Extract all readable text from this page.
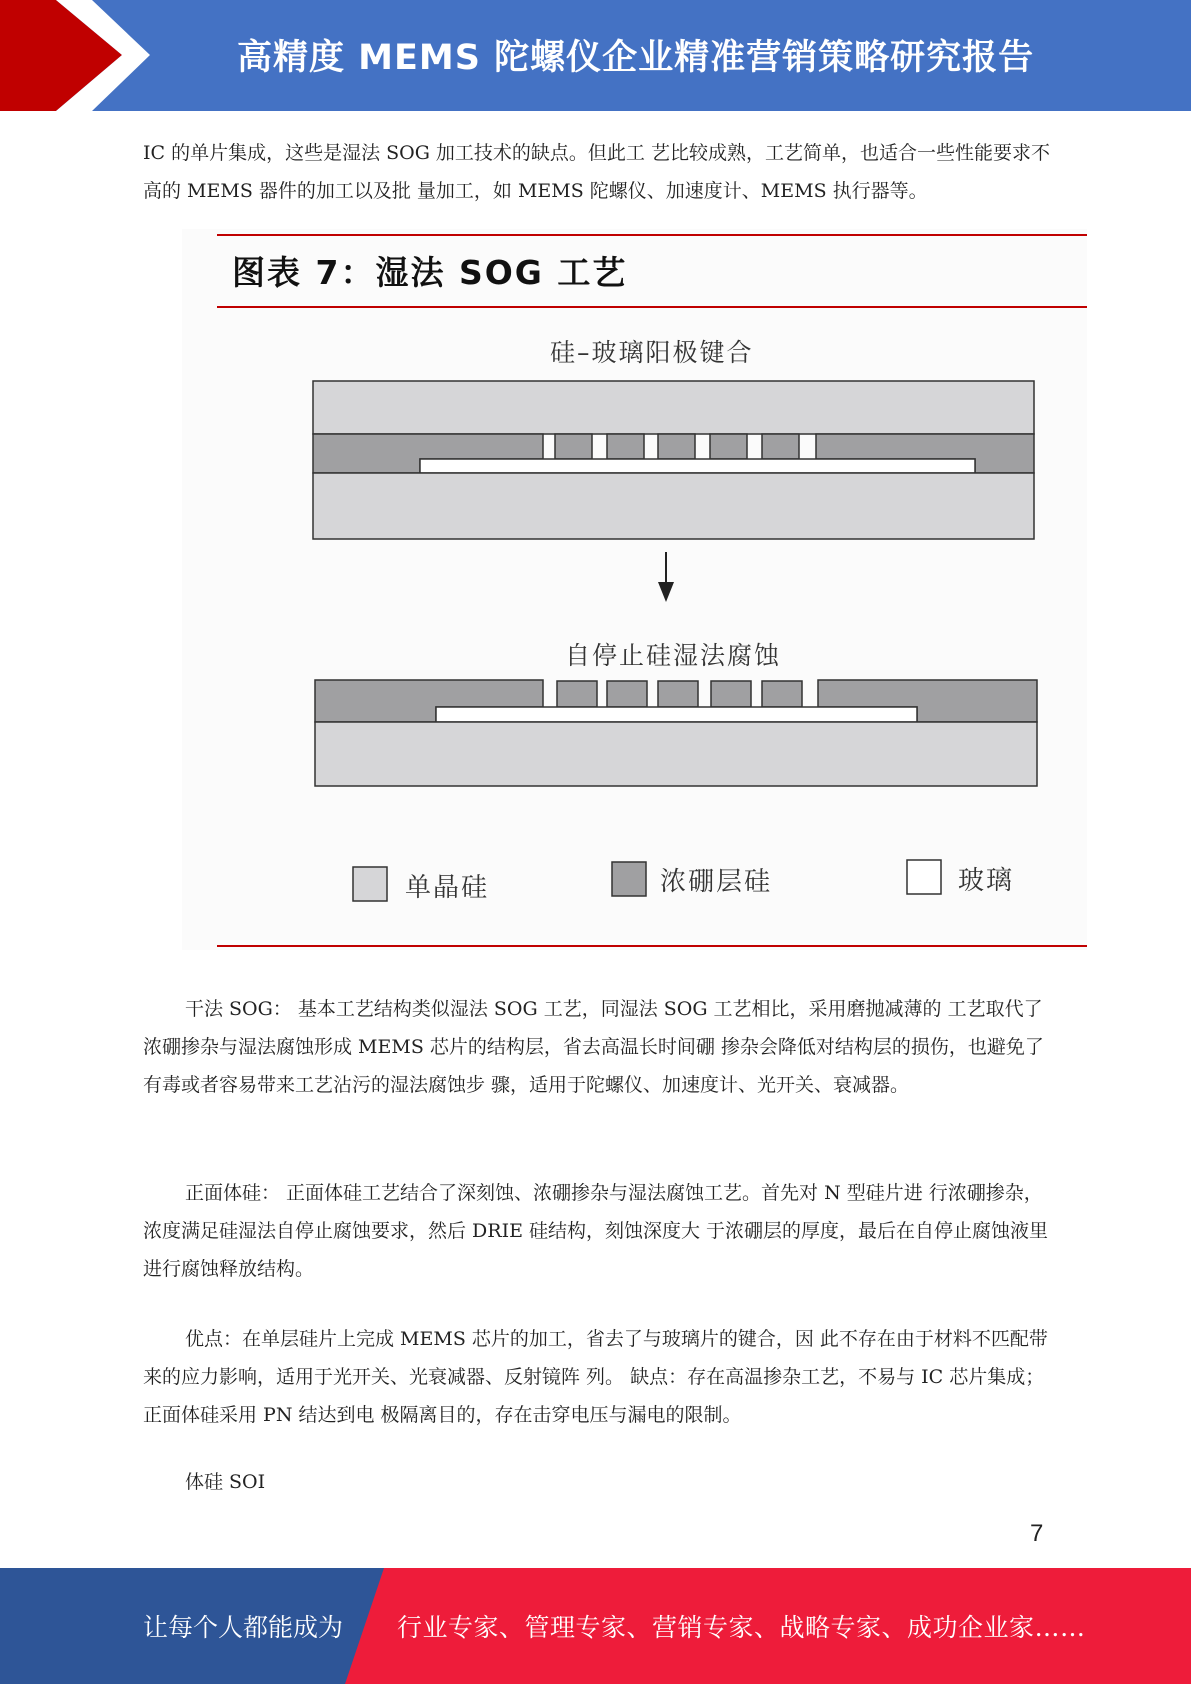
高精度 MEMS 陀螺仪企业精准营销策略研究报告

IC 的单片集成，这些是湿法 SOG 加工技术的缺点。但此工 艺比较成熟，工艺简单，也适合一些性能要求不高的 MEMS 器件的加工以及批 量加工，如 MEMS 陀螺仪、加速度计、MEMS 执行器等。

图表 7：湿法 SOG 工艺
硅–玻璃阳极键合
自停止硅湿法腐蚀
单晶硅	浓硼层硅	玻璃

干法 SOG： 基本工艺结构类似湿法 SOG 工艺，同湿法 SOG 工艺相比，采用磨抛减薄的 工艺取代了浓硼掺杂与湿法腐蚀形成 MEMS 芯片的结构层，省去高温长时间硼 掺杂会降低对结构层的损伤，也避免了有毒或者容易带来工艺沾污的湿法腐蚀步 骤，适用于陀螺仪、加速度计、光开关、衰减器。

正面体硅： 正面体硅工艺结合了深刻蚀、浓硼掺杂与湿法腐蚀工艺。首先对 N 型硅片进 行浓硼掺杂，浓度满足硅湿法自停止腐蚀要求，然后 DRIE 硅结构，刻蚀深度大 于浓硼层的厚度，最后在自停止腐蚀液里进行腐蚀释放结构。

优点：在单层硅片上完成 MEMS 芯片的加工，省去了与玻璃片的键合，因 此不存在由于材料不匹配带来的应力影响，适用于光开关、光衰减器、反射镜阵 列。 缺点：存在高温掺杂工艺，不易与 IC 芯片集成；正面体硅采用 PN 结达到电 极隔离目的，存在击穿电压与漏电的限制。

体硅 SOI

7
让每个人都能成为 行业专家、管理专家、营销专家、战略专家、成功企业家……
